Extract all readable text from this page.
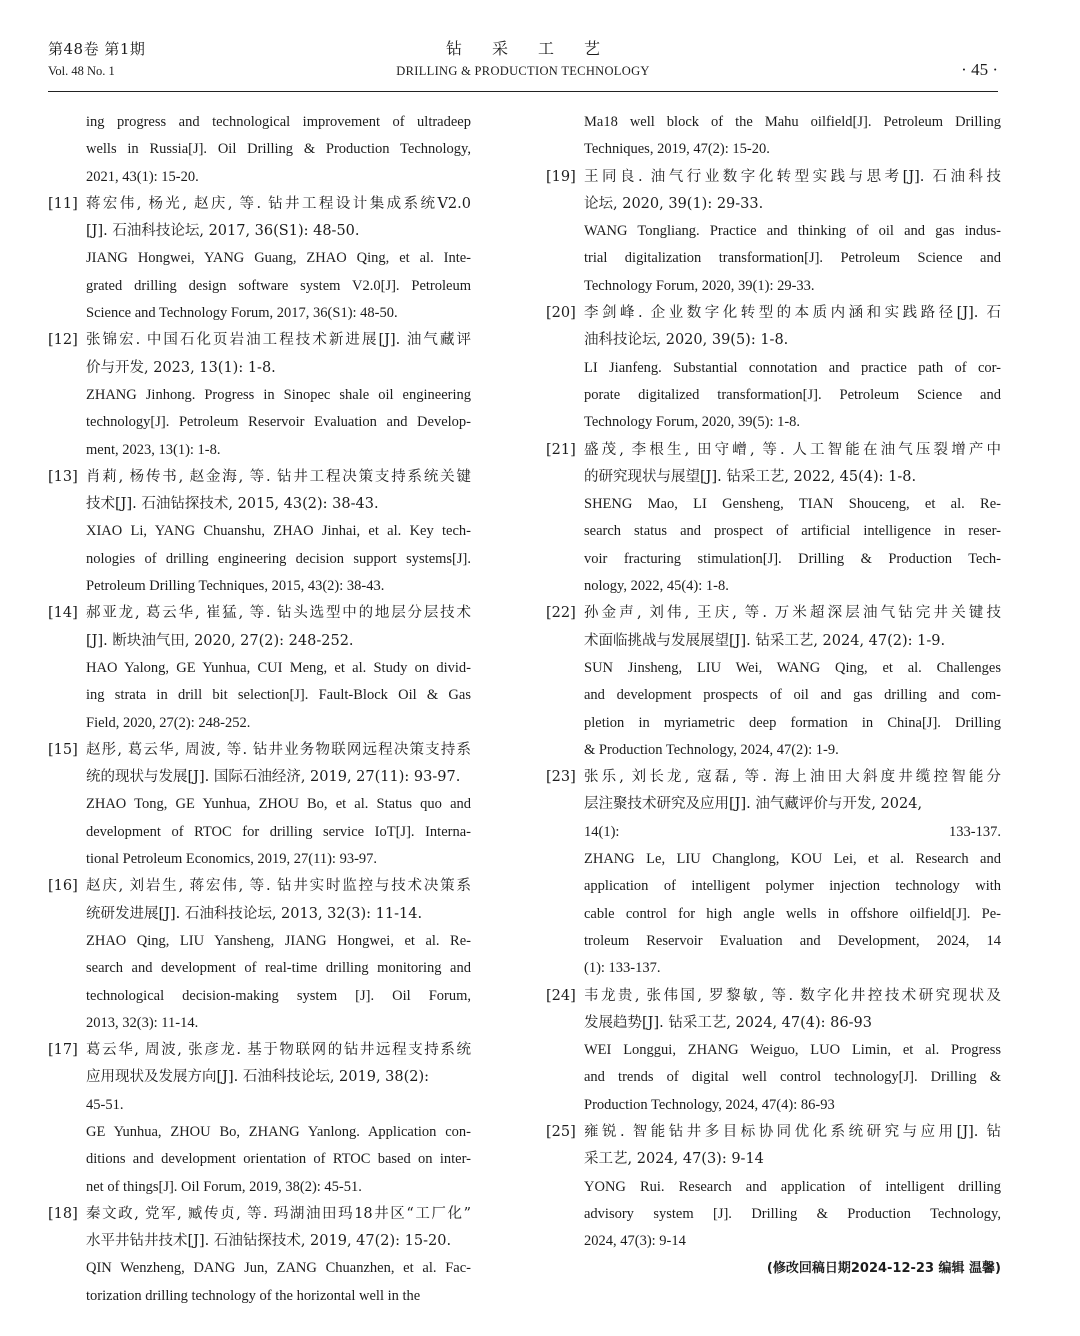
第48卷 第1期
Vol. 48 No. 1
钻采工艺
DRILLING & PRODUCTION TECHNOLOGY	· 45 ·
ing progress and technological improvement of ultradeep
wells in Russia[J]. Oil Drilling & Production Technology,
2021, 43(1): 15-20.
[11] 蒋宏伟, 杨光, 赵庆, 等. 钻井工程设计集成系统V2.0
[J]. 石油科技论坛, 2017, 36(S1): 48-50.
JIANG Hongwei, YANG Guang, ZHAO Qing, et al. Inte-
grated drilling design software system V2.0[J]. Petroleum
Science and Technology Forum, 2017, 36(S1): 48-50.
[12] 张锦宏. 中国石化页岩油工程技术新进展[J]. 油气藏评
价与开发, 2023, 13(1): 1-8.
ZHANG Jinhong. Progress in Sinopec shale oil engineering
technology[J]. Petroleum Reservoir Evaluation and Develop-
ment, 2023, 13(1): 1-8.
[13] 肖莉, 杨传书, 赵金海, 等. 钻井工程决策支持系统关键
技术[J]. 石油钻探技术, 2015, 43(2): 38-43.
XIAO Li, YANG Chuanshu, ZHAO Jinhai, et al. Key tech-
nologies of drilling engineering decision support systems[J].
Petroleum Drilling Techniques, 2015, 43(2): 38-43.
[14] 郝亚龙, 葛云华, 崔猛, 等. 钻头选型中的地层分层技术
[J]. 断块油气田, 2020, 27(2): 248-252.
HAO Yalong, GE Yunhua, CUI Meng, et al. Study on divid-
ing strata in drill bit selection[J]. Fault-Block Oil & Gas
Field, 2020, 27(2): 248-252.
[15] 赵彤, 葛云华, 周波, 等. 钻井业务物联网远程决策支持系
统的现状与发展[J]. 国际石油经济, 2019, 27(11): 93-97.
ZHAO Tong, GE Yunhua, ZHOU Bo, et al. Status quo and
development of RTOC for drilling service IoT[J]. Interna-
tional Petroleum Economics, 2019, 27(11): 93-97.
[16] 赵庆, 刘岩生, 蒋宏伟, 等. 钻井实时监控与技术决策系
统研发进展[J]. 石油科技论坛, 2013, 32(3): 11-14.
ZHAO Qing, LIU Yansheng, JIANG Hongwei, et al. Re-
search and development of real-time drilling monitoring and
technological decision-making system [J]. Oil Forum,
2013, 32(3): 11-14.
[17] 葛云华, 周波, 张彦龙. 基于物联网的钻井远程支持系统
应用现状及发展方向[J]. 石油科技论坛, 2019, 38(2):
45-51.
GE Yunhua, ZHOU Bo, ZHANG Yanlong. Application con-
ditions and development orientation of RTOC based on inter-
net of things[J]. Oil Forum, 2019, 38(2): 45-51.
[18] 秦文政, 党军, 臧传贞, 等. 玛湖油田玛18井区“工厂化”
水平井钻井技术[J]. 石油钻探技术, 2019, 47(2): 15-20.
QIN Wenzheng, DANG Jun, ZANG Chuanzhen, et al. Fac-
torization drilling technology of the horizontal well in the
Ma18 well block of the Mahu oilfield[J]. Petroleum Drilling
Techniques, 2019, 47(2): 15-20.
[19] 王同良. 油气行业数字化转型实践与思考[J]. 石油科技
论坛, 2020, 39(1): 29-33.
WANG Tongliang. Practice and thinking of oil and gas indus-
trial digitalization transformation[J]. Petroleum Science and
Technology Forum, 2020, 39(1): 29-33.
[20] 李剑峰. 企业数字化转型的本质内涵和实践路径[J]. 石
油科技论坛, 2020, 39(5): 1-8.
LI Jianfeng. Substantial connotation and practice path of cor-
porate digitalized transformation[J]. Petroleum Science and
Technology Forum, 2020, 39(5): 1-8.
[21] 盛茂, 李根生, 田守嶒, 等. 人工智能在油气压裂增产中
的研究现状与展望[J]. 钻采工艺, 2022, 45(4): 1-8.
SHENG Mao, LI Gensheng, TIAN Shouceng, et al. Re-
search status and prospect of artificial intelligence in reser-
voir fracturing stimulation[J]. Drilling & Production Tech-
nology, 2022, 45(4): 1-8.
[22] 孙金声, 刘伟, 王庆, 等. 万米超深层油气钻完井关键技
术面临挑战与发展展望[J]. 钻采工艺, 2024, 47(2): 1-9.
SUN Jinsheng, LIU Wei, WANG Qing, et al. Challenges
and development prospects of oil and gas drilling and com-
pletion in myriametric deep formation in China[J]. Drilling
& Production Technology, 2024, 47(2): 1-9.
[23] 张乐, 刘长龙, 寇磊, 等. 海上油田大斜度井缆控智能分
层注聚技术研究及应用[J]. 油气藏评价与开发, 2024,
14(1): 133-137.
ZHANG Le, LIU Changlong, KOU Lei, et al. Research and
application of intelligent polymer injection technology with
cable control for high angle wells in offshore oilfield[J]. Pe-
troleum Reservoir Evaluation and Development, 2024, 14
(1): 133-137.
[24] 韦龙贵, 张伟国, 罗黎敏, 等. 数字化井控技术研究现状及
发展趋势[J]. 钻采工艺, 2024, 47(4): 86-93
WEI Longgui, ZHANG Weiguo, LUO Limin, et al. Progress
and trends of digital well control technology[J]. Drilling &
Production Technology, 2024, 47(4): 86-93
[25] 雍锐. 智能钻井多目标协同优化系统研究与应用[J]. 钻
采工艺, 2024, 47(3): 9-14
YONG Rui. Research and application of intelligent drilling
advisory system [J]. Drilling & Production Technology,
2024, 47(3): 9-14
(修改回稿日期2024-12-23 编辑 温馨)
